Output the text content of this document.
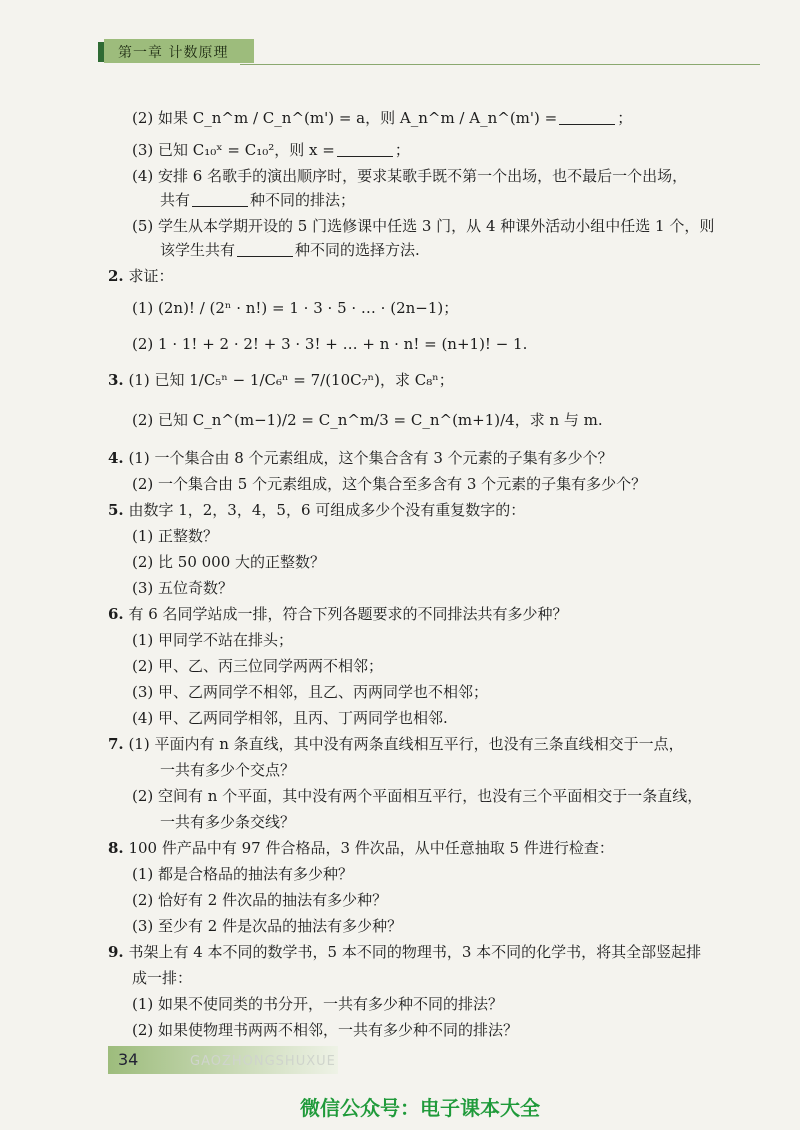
第一章 计数原理
(2) 如果 C_n^m / C_n^(m') = a，则 A_n^m / A_n^(m') =	；
(3) 已知 C₁₀ˣ = C₁₀²，则 x =	；
(4) 安排 6 名歌手的演出顺序时，要求某歌手既不第一个出场，也不最后一个出场，
共有	种不同的排法；
(5) 学生从本学期开设的 5 门选修课中任选 3 门，从 4 种课外活动小组中任选 1 个，则
该学生共有	种不同的选择方法.
2. 求证：
(1) (2n)! / (2ⁿ · n!) = 1 · 3 · 5 · … · (2n−1)；
(2) 1 · 1! + 2 · 2! + 3 · 3! + … + n · n! = (n+1)! − 1.
3. (1) 已知 1/C₅ⁿ − 1/C₆ⁿ = 7/(10C₇ⁿ)，求 C₈ⁿ；
(2) 已知 C_n^(m−1)/2 = C_n^m/3 = C_n^(m+1)/4，求 n 与 m.
4. (1) 一个集合由 8 个元素组成，这个集合含有 3 个元素的子集有多少个？
(2) 一个集合由 5 个元素组成，这个集合至多含有 3 个元素的子集有多少个？
5. 由数字 1，2，3，4，5，6 可组成多少个没有重复数字的：
(1) 正整数？
(2) 比 50 000 大的正整数？
(3) 五位奇数？
6. 有 6 名同学站成一排，符合下列各题要求的不同排法共有多少种？
(1) 甲同学不站在排头；
(2) 甲、乙、丙三位同学两两不相邻；
(3) 甲、乙两同学不相邻，且乙、丙两同学也不相邻；
(4) 甲、乙两同学相邻，且丙、丁两同学也相邻.
7. (1) 平面内有 n 条直线，其中没有两条直线相互平行，也没有三条直线相交于一点，
一共有多少个交点？
(2) 空间有 n 个平面，其中没有两个平面相互平行，也没有三个平面相交于一条直线，
一共有多少条交线？
8. 100 件产品中有 97 件合格品，3 件次品，从中任意抽取 5 件进行检查：
(1) 都是合格品的抽法有多少种？
(2) 恰好有 2 件次品的抽法有多少种？
(3) 至少有 2 件是次品的抽法有多少种？
9. 书架上有 4 本不同的数学书，5 本不同的物理书，3 本不同的化学书，将其全部竖起排
成一排：
(1) 如果不使同类的书分开，一共有多少种不同的排法？
(2) 如果使物理书两两不相邻，一共有多少种不同的排法？
34	GAOZHONGSHUXUE
微信公众号：电子课本大全
